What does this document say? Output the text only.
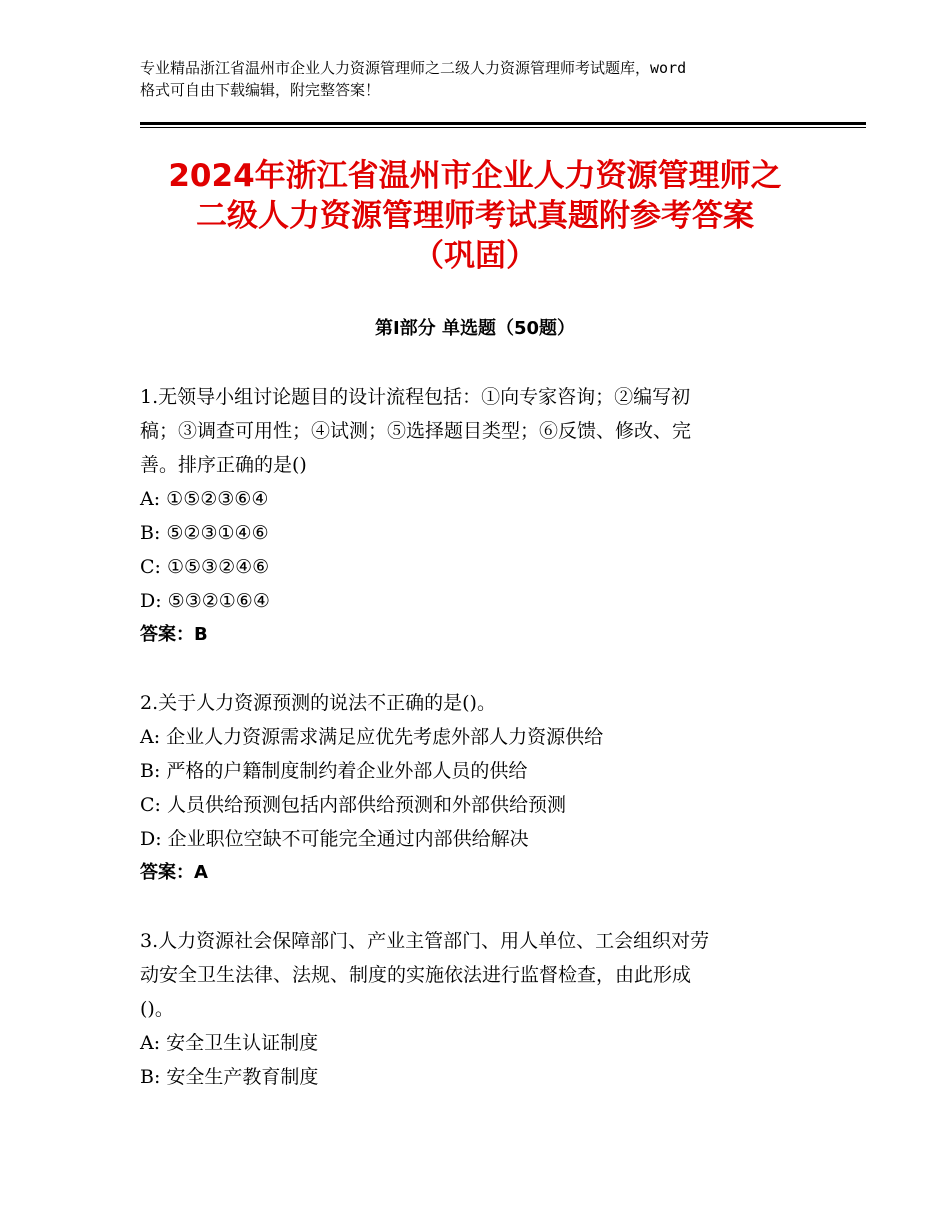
专业精品浙江省温州市企业人力资源管理师之二级人力资源管理师考试题库，word
格式可自由下载编辑，附完整答案！
2024年浙江省温州市企业人力资源管理师之
二级人力资源管理师考试真题附参考答案
（巩固）
第Ⅰ部分 单选题（50题）
1.无领导小组讨论题目的设计流程包括：①向专家咨询；②编写初
稿；③调查可用性；④试测；⑤选择题目类型；⑥反馈、修改、完
善。排序正确的是()
A: ①⑤②③⑥④
B: ⑤②③①④⑥
C: ①⑤③②④⑥
D: ⑤③②①⑥④
答案：B
2.关于人力资源预测的说法不正确的是()。
A: 企业人力资源需求满足应优先考虑外部人力资源供给
B: 严格的户籍制度制约着企业外部人员的供给
C: 人员供给预测包括内部供给预测和外部供给预测
D: 企业职位空缺不可能完全通过内部供给解决
答案：A
3.人力资源社会保障部门、产业主管部门、用人单位、工会组织对劳
动安全卫生法律、法规、制度的实施依法进行监督检查，由此形成
()。
A: 安全卫生认证制度
B: 安全生产教育制度
